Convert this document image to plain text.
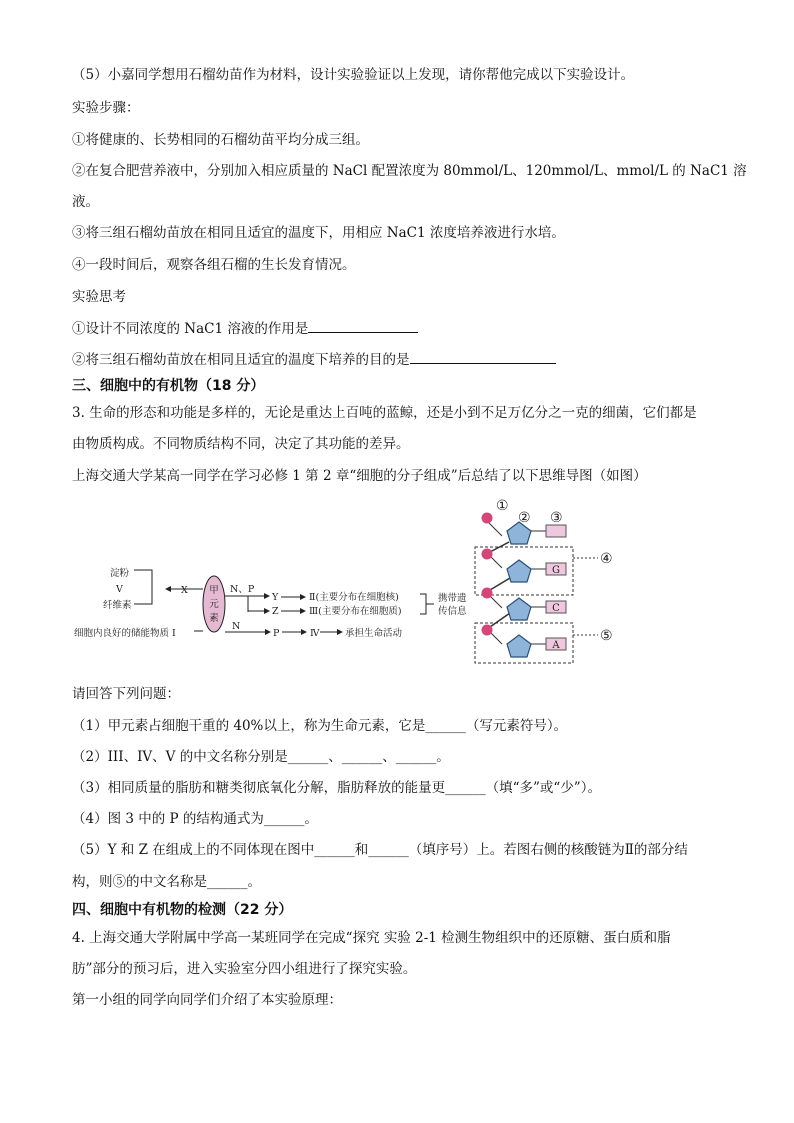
（5）小嘉同学想用石榴幼苗作为材料，设计实验验证以上发现，请你帮他完成以下实验设计。
实验步骤：
①将健康的、长势相同的石榴幼苗平均分成三组。
②在复合肥营养液中，分别加入相应质量的 NaCl 配置浓度为 80mmol/L、120mmol/L、mmol/L 的 NaC1 溶
液。
③将三组石榴幼苗放在相同且适宜的温度下，用相应 NaC1 浓度培养液进行水培。
④一段时间后，观察各组石榴的生长发育情况。
实验思考
①设计不同浓度的 NaC1 溶液的作用是
②将三组石榴幼苗放在相同且适宜的温度下培养的目的是
三、细胞中的有机物（18 分）
3. 生命的形态和功能是多样的，无论是重达上百吨的蓝鲸，还是小到不足万亿分之一克的细菌，它们都是
由物质构成。不同物质结构不同，决定了其功能的差异。
上海交通大学某高一同学在学习必修 1 第 2 章“细胞的分子组成”后总结了以下思维导图（如图）
淀粉
V
纤维素
细胞内良好的储能物质 I
X	N、P
N
Y
Z
P
Ⅱ(主要分布在细胞核)
Ⅲ(主要分布在细胞质)
Ⅳ	承担生命活动
携带遗
传信息
甲
元
素
G
C
A
①
② ③
④
⑤
请回答下列问题：
（1）甲元素占细胞干重的 40%以上，称为生命元素，它是______（写元素符号）。
（2）III、IV、V 的中文名称分别是______、______、______。
（3）相同质量的脂肪和糖类彻底氧化分解，脂肪释放的能量更______（填“多”或“少”）。
（4）图 3 中的 P 的结构通式为______。
（5）Y 和 Z 在组成上的不同体现在图中______和______（填序号）上。若图右侧的核酸链为Ⅱ的部分结
构，则⑤的中文名称是______。
四、细胞中有机物的检测（22 分）
4. 上海交通大学附属中学高一某班同学在完成“探究 实验 2-1 检测生物组织中的还原糖、蛋白质和脂
肪”部分的预习后，进入实验室分四小组进行了探究实验。
第一小组的同学向同学们介绍了本实验原理：
